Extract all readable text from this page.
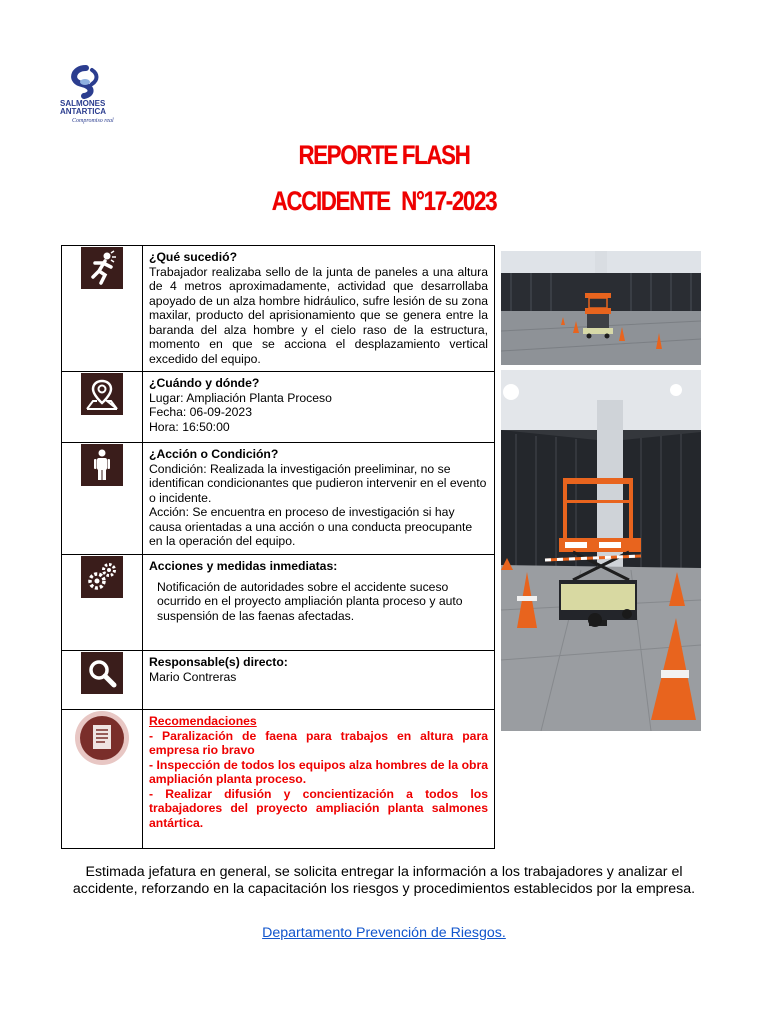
SALMONES
ANTARTICA
Compromiso real
REPORTE FLASH
ACCIDENTE N°17-2023

¿Qué sucedió?
Trabajador realizaba sello de la junta de paneles a una altura de 4 metros aproximadamente, actividad que desarrollaba apoyado de un alza hombre hidráulico, sufre lesión de su zona maxilar, producto del aprisionamiento que se genera entre la baranda del alza hombre y el cielo raso de la estructura, momento en que se acciona el desplazamiento vertical excedido del equipo.

¿Cuándo y dónde?
Lugar: Ampliación Planta Proceso
Fecha: 06-09-2023
Hora: 16:50:00

¿Acción o Condición?
Condición: Realizada la investigación preeliminar, no se identifican condicionantes que pudieron intervenir en el evento o incidente.
Acción: Se encuentra en proceso de investigación si hay causa orientadas a una acción o una conducta preocupante en la operación del equipo.

Acciones y medidas inmediatas:
Notificación de autoridades sobre el accidente suceso ocurrido en el proyecto ampliación planta proceso y auto suspensión de las faenas afectadas.

Responsable(s) directo:
Mario Contreras

Recomendaciones
- Paralización de faena para trabajos en altura para empresa rio bravo
- Inspección de todos los equipos alza hombres de la obra ampliación planta proceso.
- Realizar difusión y concientización a todos los trabajadores del proyecto ampliación planta salmones antártica.
Estimada jefatura en general, se solicita entregar la información a los trabajadores y analizar el accidente, reforzando en la capacitación los riesgos y procedimientos establecidos por la empresa.
Departamento Prevención de Riesgos.
